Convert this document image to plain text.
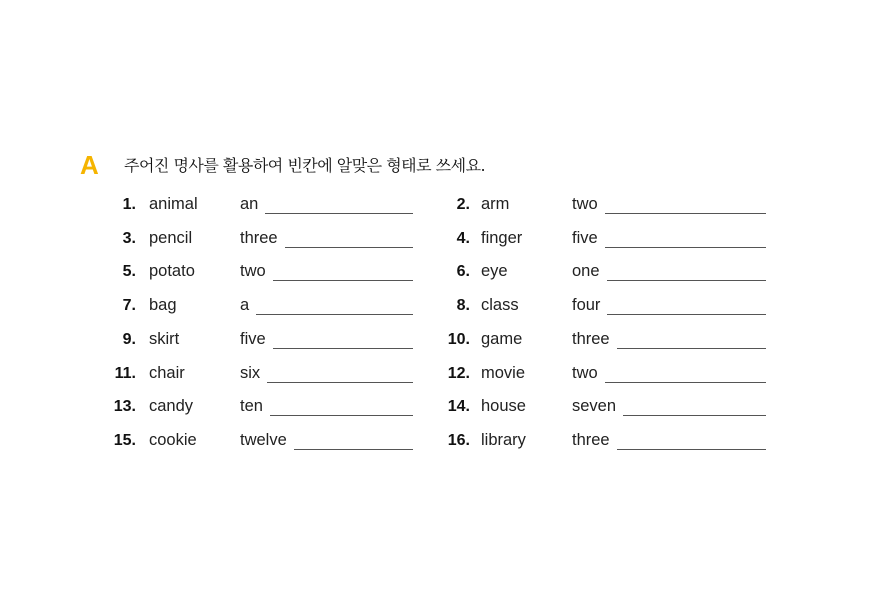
A 주어진 명사를 활용하여 빈칸에 알맞은 형태로 쓰세요.
1. animal	an	2. arm	two
3. pencil	three	4. finger	five
5. potato	two	6. eye	one
7. bag	a	8. class	four
9. skirt	five	10. game	three
11. chair	six	12. movie	two
13. candy	ten	14. house	seven
15. cookie	twelve	16. library	three
